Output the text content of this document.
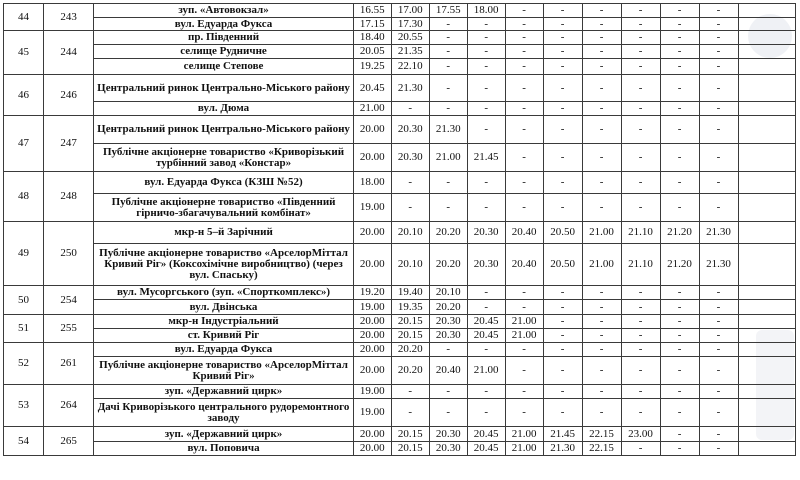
44	243	зуп. «Автовокзал»	16.55	17.00	17.55	18.00	-	-	-	-	-	-	
		вул. Едуарда Фукса	17.15	17.30	-	-	-	-	-	-	-	-	
45	244	пр. Південний	18.40	20.55	-	-	-	-	-	-	-	-	
		селище Рудничне	20.05	21.35	-	-	-	-	-	-	-	-	
		селище Степове	19.25	22.10	-	-	-	-	-	-	-	-	
46	246	Центральний ринок Центрально-Міського району	20.45	21.30	-	-	-	-	-	-	-	-	
		вул. Дюма	21.00	-	-	-	-	-	-	-	-	-	
47	247	Центральний ринок Центрально-Міського району	20.00	20.30	21.30	-	-	-	-	-	-	-	
		Публічне акціонерне товариство «Криворізький турбінний завод «Констар»	20.00	20.30	21.00	21.45	-	-	-	-	-	-	
48	248	вул. Едуарда Фукса (КЗШ №52)	18.00	-	-	-	-	-	-	-	-	-	
		Публічне акціонерне товариство «Південний гірничо-збагачувальний комбінат»	19.00	-	-	-	-	-	-	-	-	-	
49	250	мкр-н 5–й Зарічний	20.00	20.10	20.20	20.30	20.40	20.50	21.00	21.10	21.20	21.30	
		Публічне акціонерне товариство «АрселорМіттал Кривий Ріг» (Коксохімічне виробництво) (через вул. Спаську)	20.00	20.10	20.20	20.30	20.40	20.50	21.00	21.10	21.20	21.30	
50	254	вул. Мусоргського (зуп. «Спорткомплекс»)	19.20	19.40	20.10	-	-	-	-	-	-	-	
		вул. Двінська	19.00	19.35	20.20	-	-	-	-	-	-	-	
51	255	мкр-н Індустріальний	20.00	20.15	20.30	20.45	21.00	-	-	-	-	-	
		ст. Кривий Ріг	20.00	20.15	20.30	20.45	21.00	-	-	-	-	-	
52	261	вул. Едуарда Фукса	20.00	20.20	-	-	-	-	-	-	-	-	
		Публічне акціонерне товариство «АрселорМіттал Кривий Ріг»	20.00	20.20	20.40	21.00	-	-	-	-	-	-	
53	264	зуп. «Державний цирк»	19.00	-	-	-	-	-	-	-	-	-	
		Дачі Криворізького центрального рудоремонтного заводу	19.00	-	-	-	-	-	-	-	-	-	
54	265	зуп. «Державний цирк»	20.00	20.15	20.30	20.45	21.00	21.45	22.15	23.00	-	-	
		вул. Поповича	20.00	20.15	20.30	20.45	21.00	21.30	22.15	-	-	-	
